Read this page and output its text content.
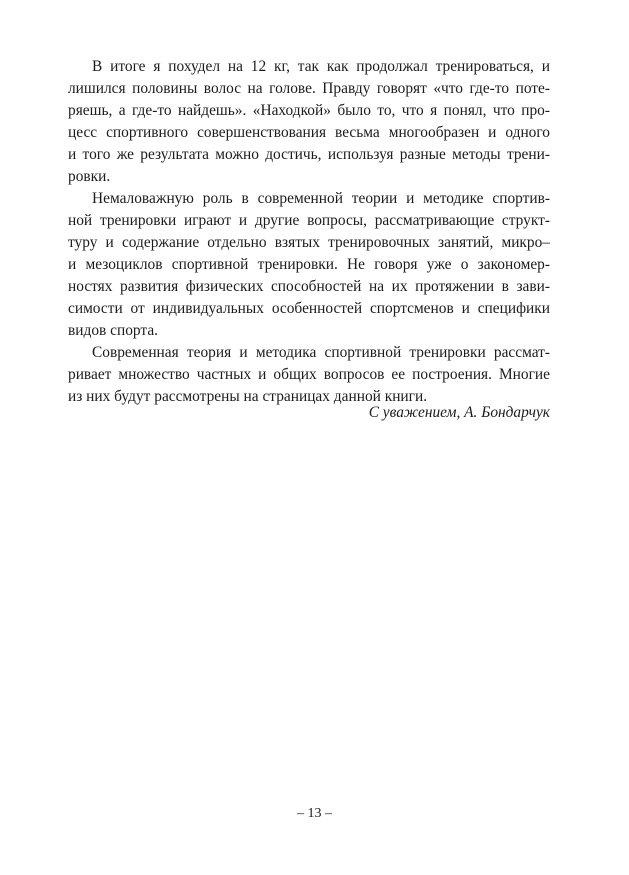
В итоге я похудел на 12 кг, так как продолжал тренироваться, и
лишился половины волос на голове. Правду говорят «что где-то поте-
ряешь, а где-то найдешь». «Находкой» было то, что я понял, что про-
цесс спортивного совершенствования весьма многообразен и одного
и того же результата можно достичь, используя разные методы трени-
ровки.
Немаловажную роль в современной теории и методике спортив-
ной тренировки играют и другие вопросы, рассматривающие структ-
туру и содержание отдельно взятых тренировочных занятий, микро–
и мезоциклов спортивной тренировки. Не говоря уже о закономер-
ностях развития физических способностей на их протяжении в зави-
симости от индивидуальных особенностей спортсменов и специфики
видов спорта.
Современная теория и методика спортивной тренировки рассмат-
ривает множество частных и общих вопросов ее построения. Многие
из них будут рассмотрены на страницах данной книги.
С уважением, А. Бондарчук
– 13 –
